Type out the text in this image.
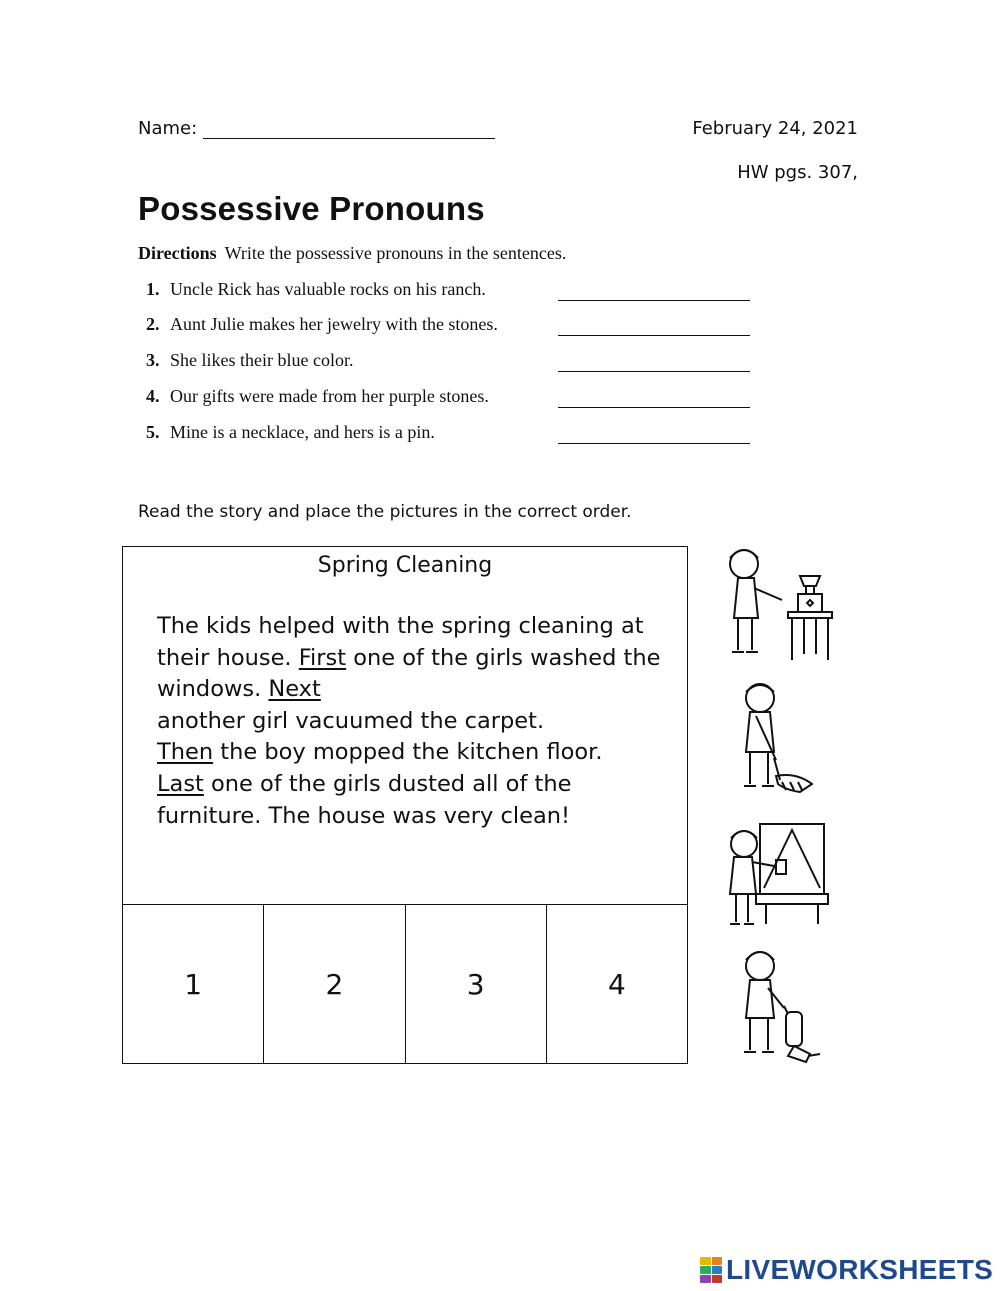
Name:	February 24, 2021
HW pgs. 307,
Possessive Pronouns
Directions Write the possessive pronouns in the sentences.
1. Uncle Rick has valuable rocks on his ranch.
2. Aunt Julie makes her jewelry with the stones.
3. She likes their blue color.
4. Our gifts were made from her purple stones.
5. Mine is a necklace, and hers is a pin.
Read the story and place the pictures in the correct order.
Spring Cleaning
The kids helped with the spring cleaning at their house. First one of the girls washed the windows. Next
another girl vacuumed the carpet.
Then the boy mopped the kitchen floor.
Last one of the girls dusted all of the furniture. The house was very clean!
1	2	3	4
LIVEWORKSHEETS
